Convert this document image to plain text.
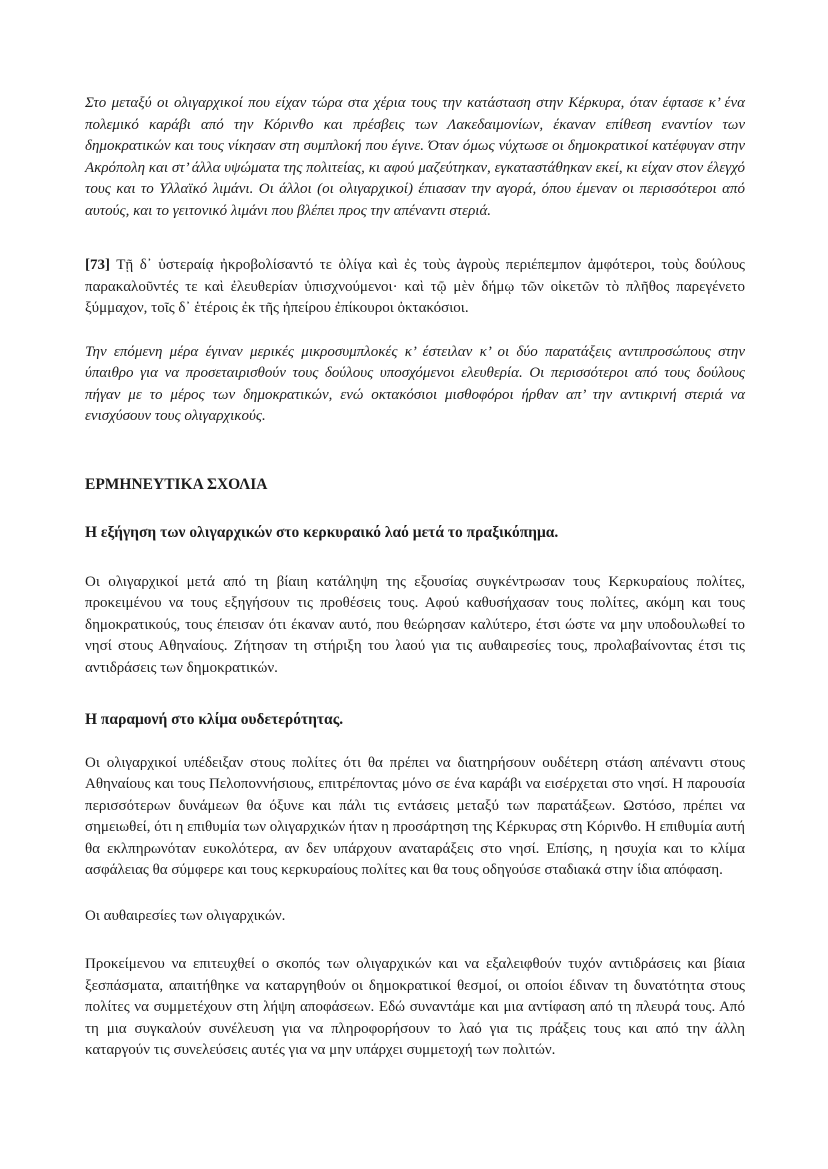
Στο μεταξύ οι ολιγαρχικοί που είχαν τώρα στα χέρια τους την κατάσταση στην Κέρκυρα, όταν έφτασε κ’ ένα πολεμικό καράβι από την Κόρινθο και πρέσβεις των Λακεδαιμονίων, έκαναν επίθεση εναντίον των δημοκρατικών και τους νίκησαν στη συμπλοκή που έγινε. Όταν όμως νύχτωσε οι δημοκρατικοί κατέφυγαν στην Ακρόπολη και στ’ άλλα υψώματα της πολιτείας, κι αφού μαζεύτηκαν, εγκαταστάθηκαν εκεί, κι είχαν στον έλεγχό τους και το Υλλαϊκό λιμάνι. Οι άλλοι (οι ολιγαρχικοί) έπιασαν την αγορά, όπου έμεναν οι περισσότεροι από αυτούς, και το γειτονικό λιμάνι που βλέπει προς την απέναντι στεριά.

[73] Τῇ δ᾽ ὑστεραίᾳ ἠκροβολίσαντό τε ὀλίγα καὶ ἐς τοὺς ἀγροὺς περιέπεμπον ἀμφότεροι, τοὺς δούλους παρακαλοῦντές τε καὶ ἐλευθερίαν ὑπισχνούμενοι· καὶ τῷ μὲν δήμῳ τῶν οἰκετῶν τὸ πλῆθος παρεγένετο ξύμμαχον, τοῖς δ᾽ ἑτέροις ἐκ τῆς ἠπείρου ἐπίκουροι ὀκτακόσιοι.

Την επόμενη μέρα έγιναν μερικές μικροσυμπλοκές κ’ έστειλαν κ’ οι δύο παρατάξεις αντιπροσώπους στην ύπαιθρο για να προσεταιρισθούν τους δούλους υποσχόμενοι ελευθερία. Οι περισσότεροι από τους δούλους πήγαν με το μέρος των δημοκρατικών, ενώ οκτακόσιοι μισθοφόροι ήρθαν απ’ την αντικρινή στεριά να ενισχύσουν τους ολιγαρχικούς.

ΕΡΜΗΝΕΥΤΙΚΑ ΣΧΟΛΙΑ
Η εξήγηση των ολιγαρχικών στο κερκυραικό λαό μετά το πραξικόπημα.

Οι ολιγαρχικοί μετά από τη βίαιη κατάληψη της εξουσίας συγκέντρωσαν τους Κερκυραίους πολίτες, προκειμένου να τους εξηγήσουν τις προθέσεις τους. Αφού καθυσήχασαν τους πολίτες, ακόμη και τους δημοκρατικούς, τους έπεισαν ότι έκαναν αυτό, που θεώρησαν καλύτερο, έτσι ώστε να μην υποδουλωθεί το νησί στους Αθηναίους. Ζήτησαν τη στήριξη του λαού για τις αυθαιρεσίες τους, προλαβαίνοντας έτσι τις αντιδράσεις των δημοκρατικών.

Η παραμονή στο κλίμα ουδετερότητας.

Οι ολιγαρχικοί υπέδειξαν στους πολίτες ότι θα πρέπει να διατηρήσουν ουδέτερη στάση απέναντι στους Αθηναίους και τους Πελοποννήσιους, επιτρέποντας μόνο σε ένα καράβι να εισέρχεται στο νησί. Η παρουσία περισσότερων δυνάμεων θα όξυνε και πάλι τις εντάσεις μεταξύ των παρατάξεων. Ωστόσο, πρέπει να σημειωθεί, ότι η επιθυμία των ολιγαρχικών ήταν η προσάρτηση της Κέρκυρας στη Κόρινθο. Η επιθυμία αυτή θα εκλπηρωνόταν ευκολότερα, αν δεν υπάρχουν αναταράξεις στο νησί. Επίσης, η ησυχία και το κλίμα ασφάλειας θα σύμφερε και τους κερκυραίους πολίτες και θα τους οδηγούσε σταδιακά στην ίδια απόφαση.

Οι αυθαιρεσίες των ολιγαρχικών.

Προκείμενου να επιτευχθεί ο σκοπός των ολιγαρχικών και να εξαλειφθούν τυχόν αντιδράσεις και βίαια ξεσπάσματα, απαιτήθηκε να καταργηθούν οι δημοκρατικοί θεσμοί, οι οποίοι έδιναν τη δυνατότητα στους πολίτες να συμμετέχουν στη λήψη αποφάσεων. Εδώ συναντάμε και μια αντίφαση από τη πλευρά τους. Από τη μια συγκαλούν συνέλευση για να πληροφορήσουν το λαό για τις πράξεις τους και από την άλλη καταργούν τις συνελεύσεις αυτές για να μην υπάρχει συμμετοχή των πολιτών.
